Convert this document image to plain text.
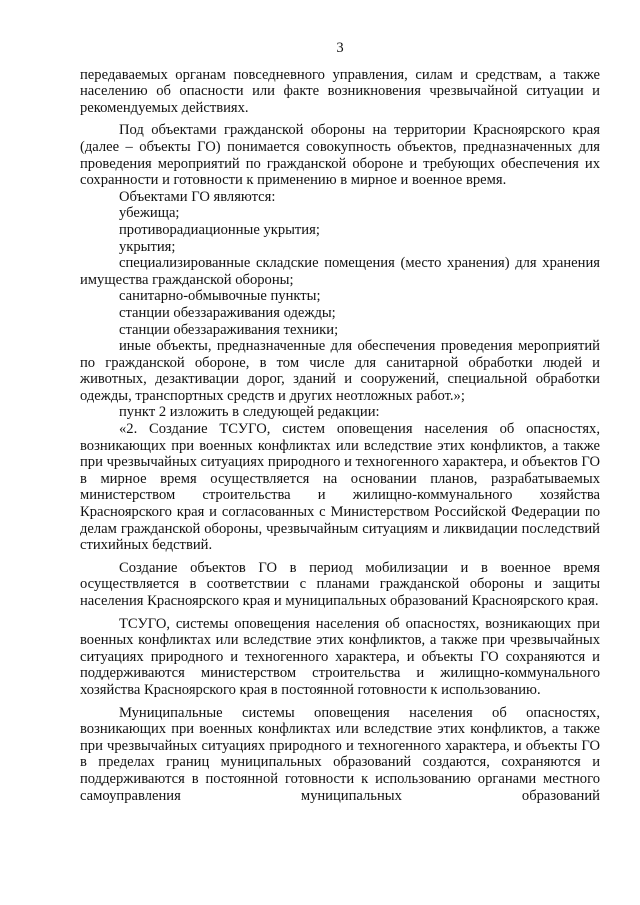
3

передаваемых органам повседневного управления, силам и средствам, а также населению об опасности или факте возникновения чрезвычайной ситуации и рекомендуемых действиях.

Под объектами гражданской обороны на территории Красноярского края (далее – объекты ГО) понимается совокупность объектов, предназначенных для проведения мероприятий по гражданской обороне и требующих обеспечения их сохранности и готовности к применению в мирное и военное время.

Объектами ГО являются:

убежища;

противорадиационные укрытия;

укрытия;

специализированные складские помещения (место хранения) для хранения имущества гражданской обороны;

санитарно-обмывочные пункты;

станции обеззараживания одежды;

станции обеззараживания техники;

иные объекты, предназначенные для обеспечения проведения мероприятий по гражданской обороне, в том числе для санитарной обработки людей и животных, дезактивации дорог, зданий и сооружений, специальной обработки одежды, транспортных средств и других неотложных работ.»;

пункт 2 изложить в следующей редакции:

«2. Создание ТСУГО, систем оповещения населения об опасностях, возникающих при военных конфликтах или вследствие этих конфликтов, а также при чрезвычайных ситуациях природного и техногенного характера, и объектов ГО в мирное время осуществляется на основании планов, разрабатываемых министерством строительства и жилищно-коммунального хозяйства Красноярского края и согласованных с Министерством Российской Федерации по делам гражданской обороны, чрезвычайным ситуациям и ликвидации последствий стихийных бедствий.

Создание объектов ГО в период мобилизации и в военное время осуществляется в соответствии с планами гражданской обороны и защиты населения Красноярского края и муниципальных образований Красноярского края.

ТСУГО, системы оповещения населения об опасностях, возникающих при военных конфликтах или вследствие этих конфликтов, а также при чрезвычайных ситуациях природного и техногенного характера, и объекты ГО сохраняются и поддерживаются министерством строительства и жилищно-коммунального хозяйства Красноярского края в постоянной готовности к использованию.

Муниципальные системы оповещения населения об опасностях, возникающих при военных конфликтах или вследствие этих конфликтов, а также при чрезвычайных ситуациях природного и техногенного характера, и объекты ГО в пределах границ муниципальных образований создаются, сохраняются и поддерживаются в постоянной готовности к использованию органами местного самоуправления муниципальных образований
